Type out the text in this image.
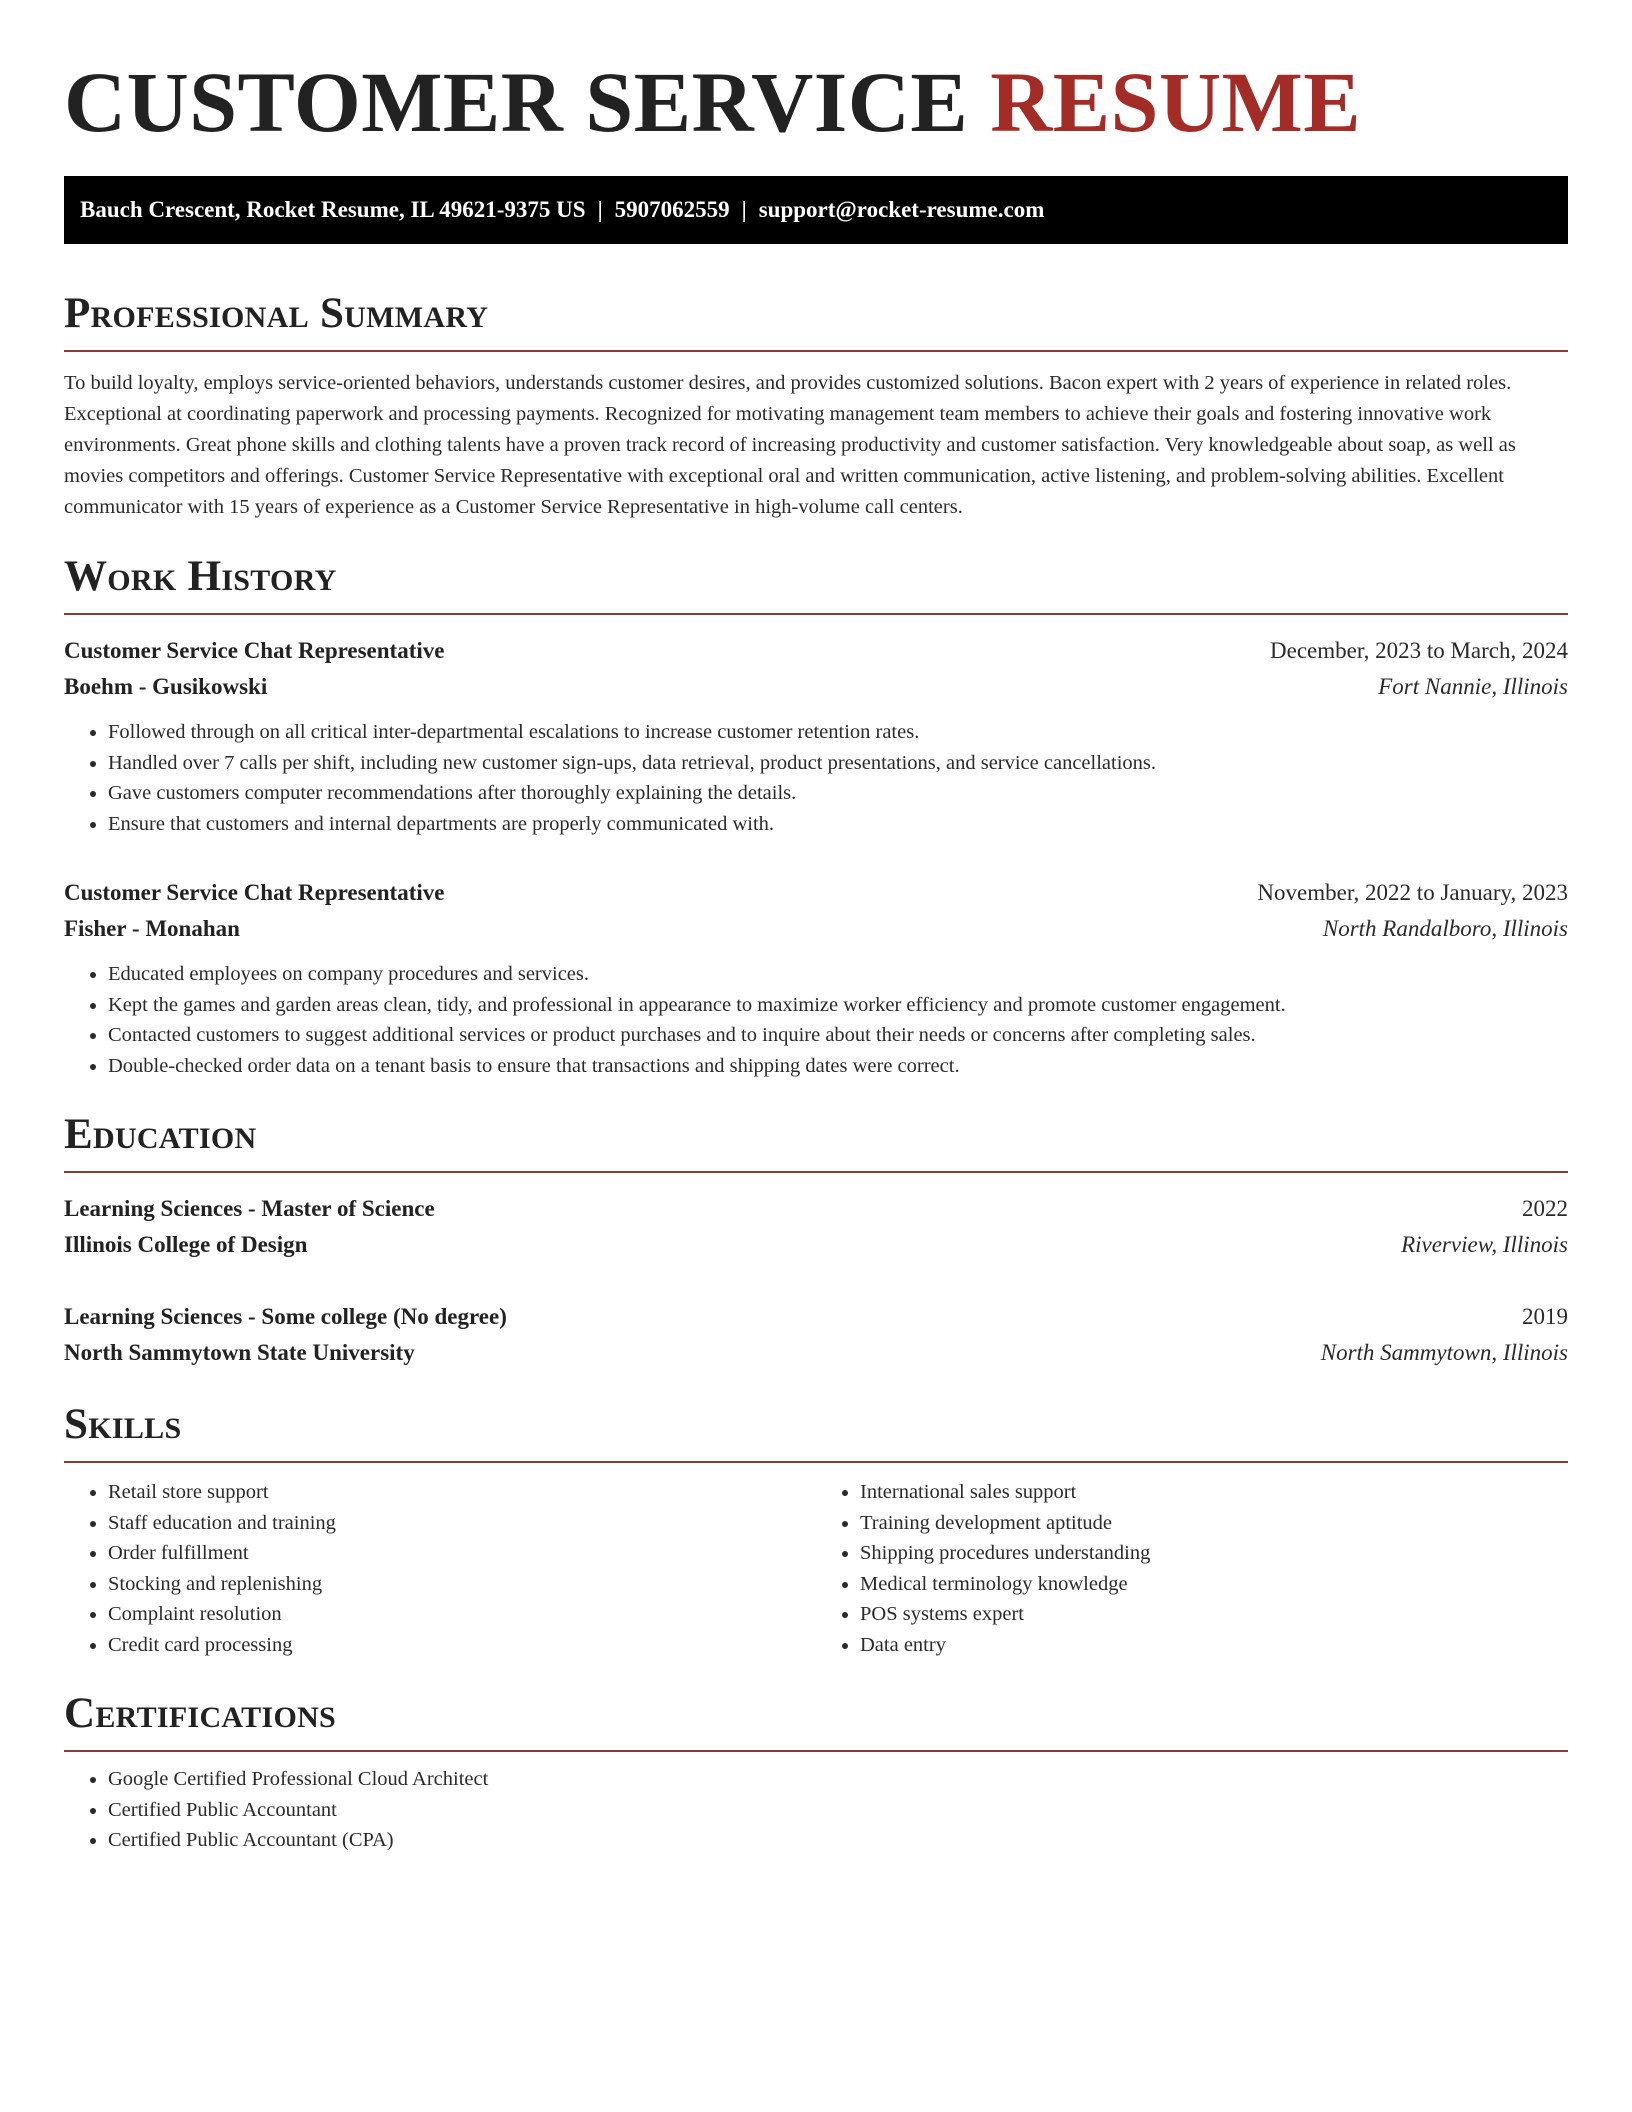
CUSTOMER SERVICE RESUME
Bauch Crescent, Rocket Resume, IL 49621-9375 US | 5907062559 | support@rocket-resume.com
Professional Summary

To build loyalty, employs service-oriented behaviors, understands customer desires, and provides customized solutions. Bacon expert with 2 years of experience in related roles. Exceptional at coordinating paperwork and processing payments. Recognized for motivating management team members to achieve their goals and fostering innovative work environments. Great phone skills and clothing talents have a proven track record of increasing productivity and customer satisfaction. Very knowledgeable about soap, as well as movies competitors and offerings. Customer Service Representative with exceptional oral and written communication, active listening, and problem-solving abilities. Excellent communicator with 15 years of experience as a Customer Service Representative in high-volume call centers.

Work History
Customer Service Chat Representative	December, 2023 to March, 2024
Boehm - Gusikowski	Fort Nannie, Illinois
• Followed through on all critical inter-departmental escalations to increase customer retention rates.
• Handled over 7 calls per shift, including new customer sign-ups, data retrieval, product presentations, and service cancellations.
• Gave customers computer recommendations after thoroughly explaining the details.
• Ensure that customers and internal departments are properly communicated with.
Customer Service Chat Representative	November, 2022 to January, 2023
Fisher - Monahan	North Randalboro, Illinois
• Educated employees on company procedures and services.
• Kept the games and garden areas clean, tidy, and professional in appearance to maximize worker efficiency and promote customer engagement.
• Contacted customers to suggest additional services or product purchases and to inquire about their needs or concerns after completing sales.
• Double-checked order data on a tenant basis to ensure that transactions and shipping dates were correct.
Education
Learning Sciences - Master of Science	2022
Illinois College of Design	Riverview, Illinois
Learning Sciences - Some college (No degree)	2019
North Sammytown State University	North Sammytown, Illinois
Skills
• Retail store support
• Staff education and training
• Order fulfillment
• Stocking and replenishing
• Complaint resolution
• Credit card processing
• International sales support
• Training development aptitude
• Shipping procedures understanding
• Medical terminology knowledge
• POS systems expert
• Data entry
Certifications
• Google Certified Professional Cloud Architect
• Certified Public Accountant
• Certified Public Accountant (CPA)
